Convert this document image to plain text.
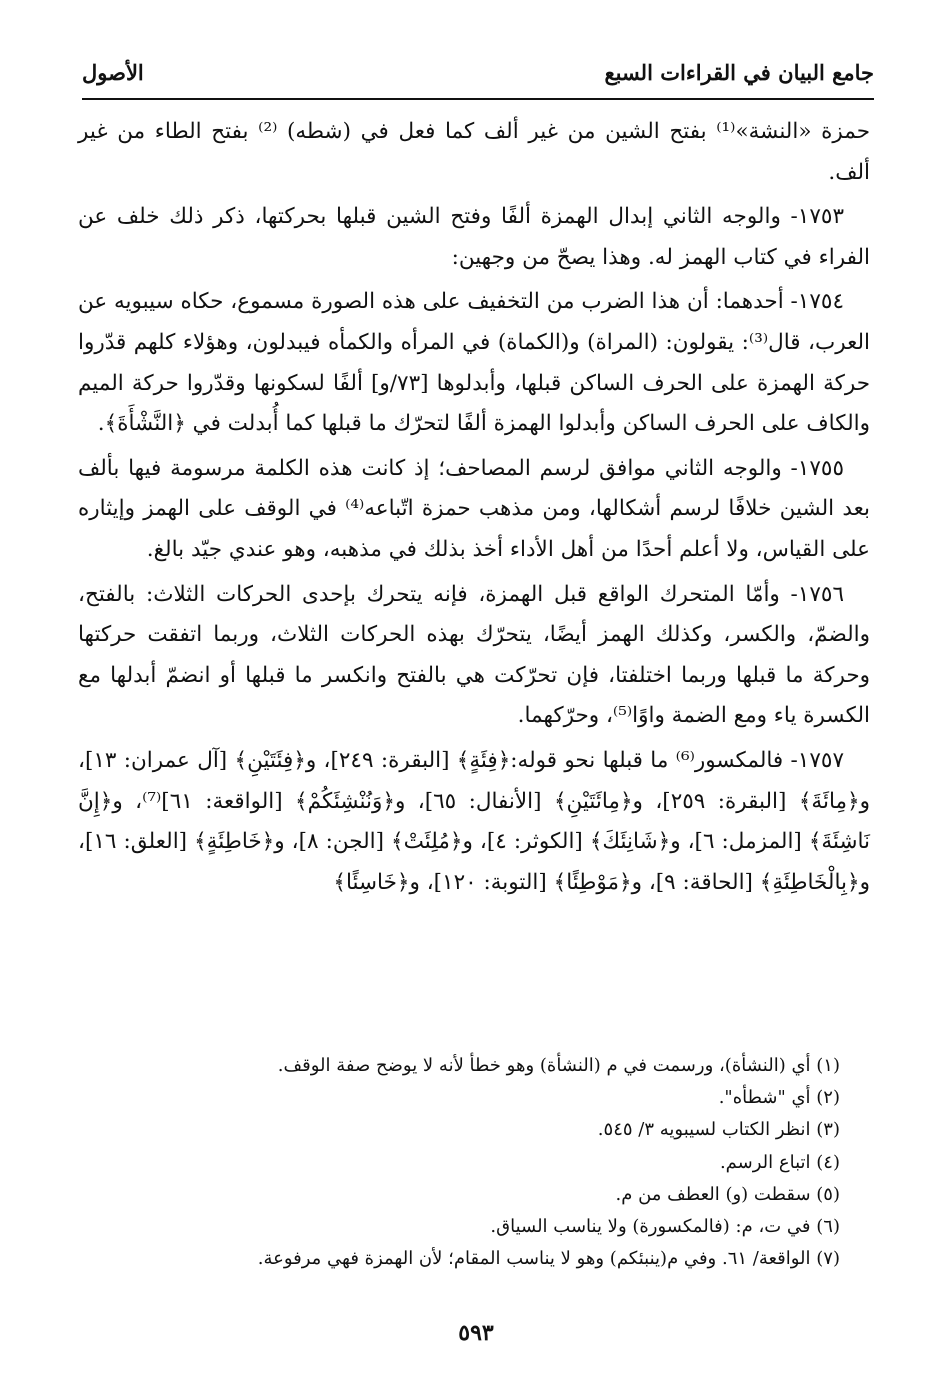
جامع البيان في القراءات السبع
الأصول

حمزة «النشة»⁽¹⁾ بفتح الشين من غير ألف كما فعل في (شطه) ⁽²⁾ بفتح الطاء من غير ألف.

١٧٥٣- والوجه الثاني إبدال الهمزة ألفًا وفتح الشين قبلها بحركتها، ذكر ذلك خلف عن الفراء في كتاب الهمز له. وهذا يصحّ من وجهين:

١٧٥٤- أحدهما: أن هذا الضرب من التخفيف على هذه الصورة مسموع، حكاه سيبويه عن العرب، قال⁽³⁾: يقولون: (المراة) و(الكماة) في المرأه والكمأه فيبدلون، وهؤلاء كلهم قدّروا حركة الهمزة على الحرف الساكن قبلها، وأبدلوها [٧٣/و] ألفًا لسكونها وقدّروا حركة الميم والكاف على الحرف الساكن وأبدلوا الهمزة ألفًا لتحرّك ما قبلها كما أُبدلت في ﴿النَّشْأَةَ﴾.

١٧٥٥- والوجه الثاني موافق لرسم المصاحف؛ إذ كانت هذه الكلمة مرسومة فيها بألف بعد الشين خلافًا لرسم أشكالها، ومن مذهب حمزة اتّباعه⁽⁴⁾ في الوقف على الهمز وإيثاره على القياس، ولا أعلم أحدًا من أهل الأداء أخذ بذلك في مذهبه، وهو عندي جيّد بالغ.

١٧٥٦- وأمّا المتحرك الواقع قبل الهمزة، فإنه يتحرك بإحدى الحركات الثلاث: بالفتح، والضمّ، والكسر، وكذلك الهمز أيضًا، يتحرّك بهذه الحركات الثلاث، وربما اتفقت حركتها وحركة ما قبلها وربما اختلفتا، فإن تحرّكت هي بالفتح وانكسر ما قبلها أو انضمّ أبدلها مع الكسرة ياء ومع الضمة واوًا⁽⁵⁾، وحرّكهما.

١٧٥٧- فالمكسور⁽⁶⁾ ما قبلها نحو قوله:﴿فِئَةٍ﴾ [البقرة: ٢٤٩]، و﴿فِئَتَيْنِ﴾ [آل عمران: ١٣]، و﴿مِائَةَ﴾ [البقرة: ٢٥٩]، و﴿مِائَتَيْنِ﴾ [الأنفال: ٦٥]، و﴿وَنُنْشِئَكُمْ﴾ [الواقعة: ٦١]⁽⁷⁾، و﴿إِنَّ نَاشِئَةَ﴾ [المزمل: ٦]، و﴿شَانِئَكَ﴾ [الكوثر: ٤]، و﴿مُلِئَتْ﴾ [الجن: ٨]، و﴿خَاطِئَةٍ﴾ [العلق: ١٦]، و﴿بِالْخَاطِئَةِ﴾ [الحاقة: ٩]، و﴿مَوْطِئًا﴾ [التوبة: ١٢٠]، و﴿خَاسِئًا﴾

(١) أي (النشأة)، ورسمت في م (النشأة) وهو خطأ لأنه لا يوضح صفة الوقف.
(٢) أي "شطأه".
(٣) انظر الكتاب لسيبويه ٣/ ٥٤٥.
(٤) اتباع الرسم.
(٥) سقطت (و) العطف من م.
(٦) في ت، م: (فالمكسورة) ولا يناسب السياق.
(٧) الواقعة/ ٦١. وفي م(ينبئكم) وهو لا يناسب المقام؛ لأن الهمزة فهي مرفوعة.
٥٩٣
